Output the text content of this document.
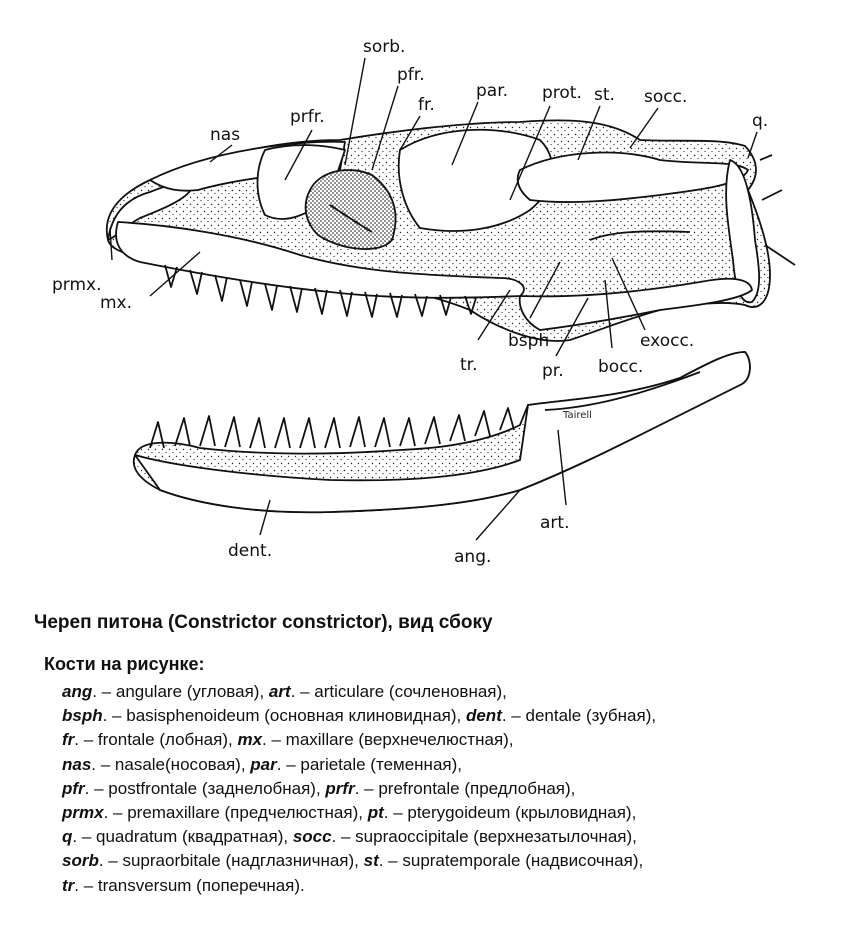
sorb.
pfr.
prfr.
fr.
par. prot. st. socc.
q.
nas
prmx.
mx.
tr.
bsph
pr. bocc.
exocc.
art.
dent.	ang.
Tairell
Череп питона (Constrictor constrictor), вид сбоку
Кости на рисунке:
ang. – angulare (угловая), art. – articulare (сочленовная),
bsph. – basisphenoideum (основная клиновидная), dent. – dentale (зубная),
fr. – frontale (лобная), mx. – maxillare (верхнечелюстная),
nas. – nasale(носовая), par. – parietale (теменная),
pfr. – postfrontale (заднелобная), prfr. – prefrontale (предлобная),
prmx. – premaxillare (предчелюстная), pt. – pterygoideum (крыловидная),
q. – quadratum (квадратная), socc. – supraoccipitale (верхнезатылочная),
sorb. – supraorbitale (надглазничная), st. – supratemporale (надвисочная),
tr. – transversum (поперечная).
